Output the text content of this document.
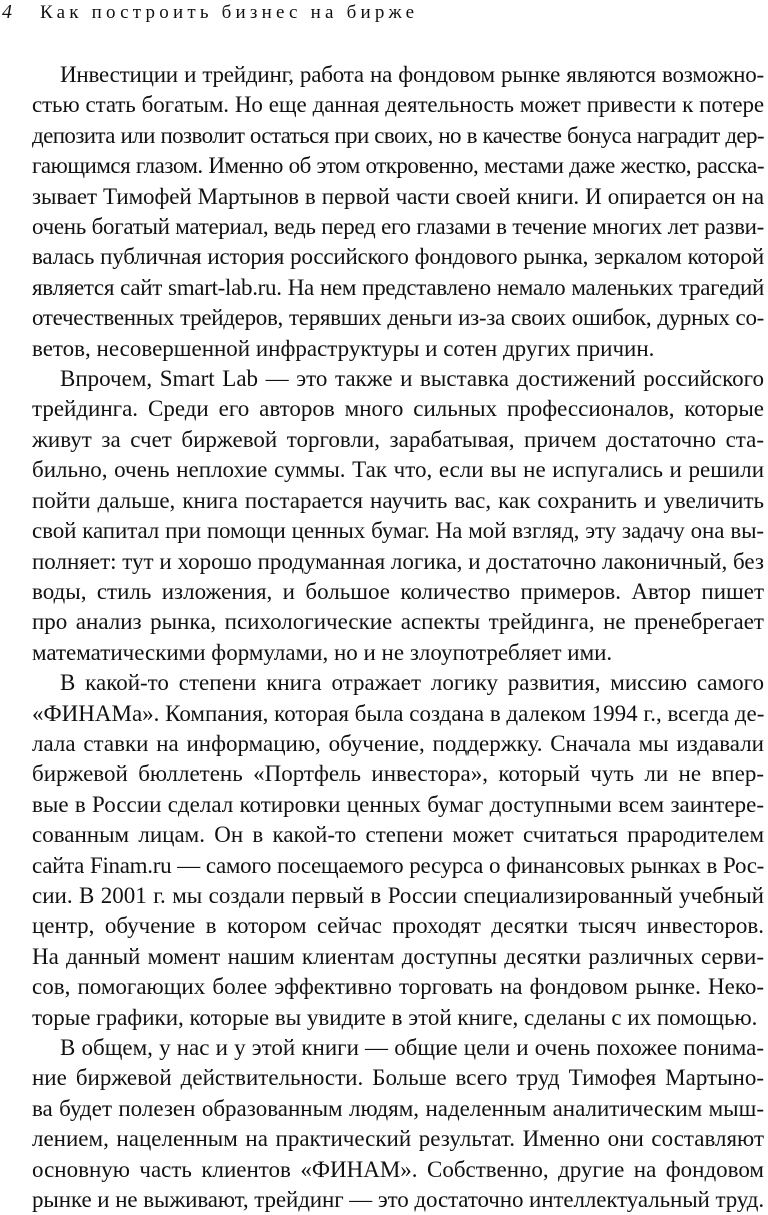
4 Как построить бизнес на бирже
Инвестиции и трейдинг, работа на фондовом рынке являются возможно-
стью стать богатым. Но еще данная деятельность может привести к потере
депозита или позволит остаться при своих, но в качестве бонуса наградит дер-
гающимся глазом. Именно об этом откровенно, местами даже жестко, расска-
зывает Тимофей Мартынов в первой части своей книги. И опирается он на
очень богатый материал, ведь перед его глазами в течение многих лет разви-
валась публичная история российского фондового рынка, зеркалом которой
является сайт smart-lab.ru. На нем представлено немало маленьких трагедий
отечественных трейдеров, терявших деньги из-за своих ошибок, дурных со-
ветов, несовершенной инфраструктуры и сотен других причин.
Впрочем, Smart Lab — это также и выставка достижений российского
трейдинга. Среди его авторов много сильных профессионалов, которые
живут за счет биржевой торговли, зарабатывая, причем достаточно ста-
бильно, очень неплохие суммы. Так что, если вы не испугались и решили
пойти дальше, книга постарается научить вас, как сохранить и увеличить
свой капитал при помощи ценных бумаг. На мой взгляд, эту задачу она вы-
полняет: тут и хорошо продуманная логика, и достаточно лаконичный, без
воды, стиль изложения, и большое количество примеров. Автор пишет
про анализ рынка, психологические аспекты трейдинга, не пренебрегает
математическими формулами, но и не злоупотребляет ими.
В какой-то степени книга отражает логику развития, миссию самого
«ФИНАМа». Компания, которая была создана в далеком 1994 г., всегда де-
лала ставки на информацию, обучение, поддержку. Сначала мы издавали
биржевой бюллетень «Портфель инвестора», который чуть ли не впер-
вые в России сделал котировки ценных бумаг доступными всем заинтере-
сованным лицам. Он в какой-то степени может считаться прародителем
сайта Finam.ru — самого посещаемого ресурса о финансовых рынках в Рос-
сии. В 2001 г. мы создали первый в России специализированный учебный
центр, обучение в котором сейчас проходят десятки тысяч инвесторов.
На данный момент нашим клиентам доступны десятки различных серви-
сов, помогающих более эффективно торговать на фондовом рынке. Неко-
торые графики, которые вы увидите в этой книге, сделаны с их помощью.
В общем, у нас и у этой книги — общие цели и очень похожее понима-
ние биржевой действительности. Больше всего труд Тимофея Мартыно-
ва будет полезен образованным людям, наделенным аналитическим мыш-
лением, нацеленным на практический результат. Именно они составляют
основную часть клиентов «ФИНАМ». Собственно, другие на фондовом
рынке и не выживают, трейдинг — это достаточно интеллектуальный труд.
